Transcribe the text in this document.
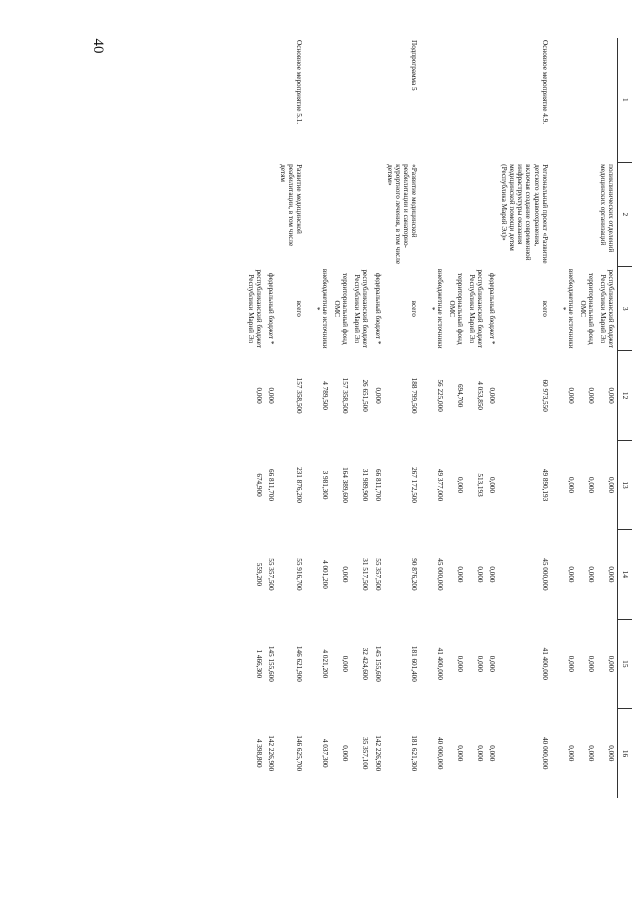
40
1	2	3	12	13	14	15	16
	поликлинических отделений медицинских организаций	республиканский бюджет Республики Марий Эл	0,000	0,000	0,000	0,000	0,000
		территориальный фонд ОМС	0,000	0,000	0,000	0,000	0,000
		внебюджетные источники *	0,000	0,000	0,000	0,000	0,000
Основное мероприятие 4.9.	Региональный проект «Развитие детского здравоохранения, включая создание современной инфраструктуры оказания медицинской помощи детям (Республика Марий Эл)»	всего	60 973,550	49 890,193	45 000,000	41 400,000	40 000,000
		федеральный бюджет *	0,000	0,000	0,000	0,000	0,000
		республиканский бюджет Республики Марий Эл	4 053,850	513,193	0,000	0,000	0,000
		территориальный фонд ОМС	694,700	0,000	0,000	0,000	0,000
		внебюджетные источники *	56 225,000	49 377,000	45 000,000	41 400,000	40 000,000
Подпрограмма 5	«Развитие медицинской реабилитации и санаторно-курортного лечения, в том числе детям»	всего	188 799,500	267 172,500	90 876,200	181 601,400	181 621,300
		федеральный бюджет *	0,000	66 811,700	55 357,500	145 155,600	142 226,900
		республиканский бюджет Республики Марий Эл	26 651,500	31 989,900	31 517,500	32 424,600	35 357,100
		территориальный фонд ОМС	157 358,500	164 389,600	0,000	0,000	0,000
		внебюджетные источники *	4 789,500	3 981,300	4 001,200	4 021,200	4 037,300
Основное мероприятие 5.1.	Развитие медицинской реабилитации, в том числе детям	всего	157 358,500	231 876,200	55 916,700	146 621,900	146 625,700
		федеральный бюджет *	0,000	66 811,700	55 357,500	145 155,600	142 226,900
		республиканский бюджет Республики Марий Эл	0,000	674,900	559,200	1 466,300	4 398,800
